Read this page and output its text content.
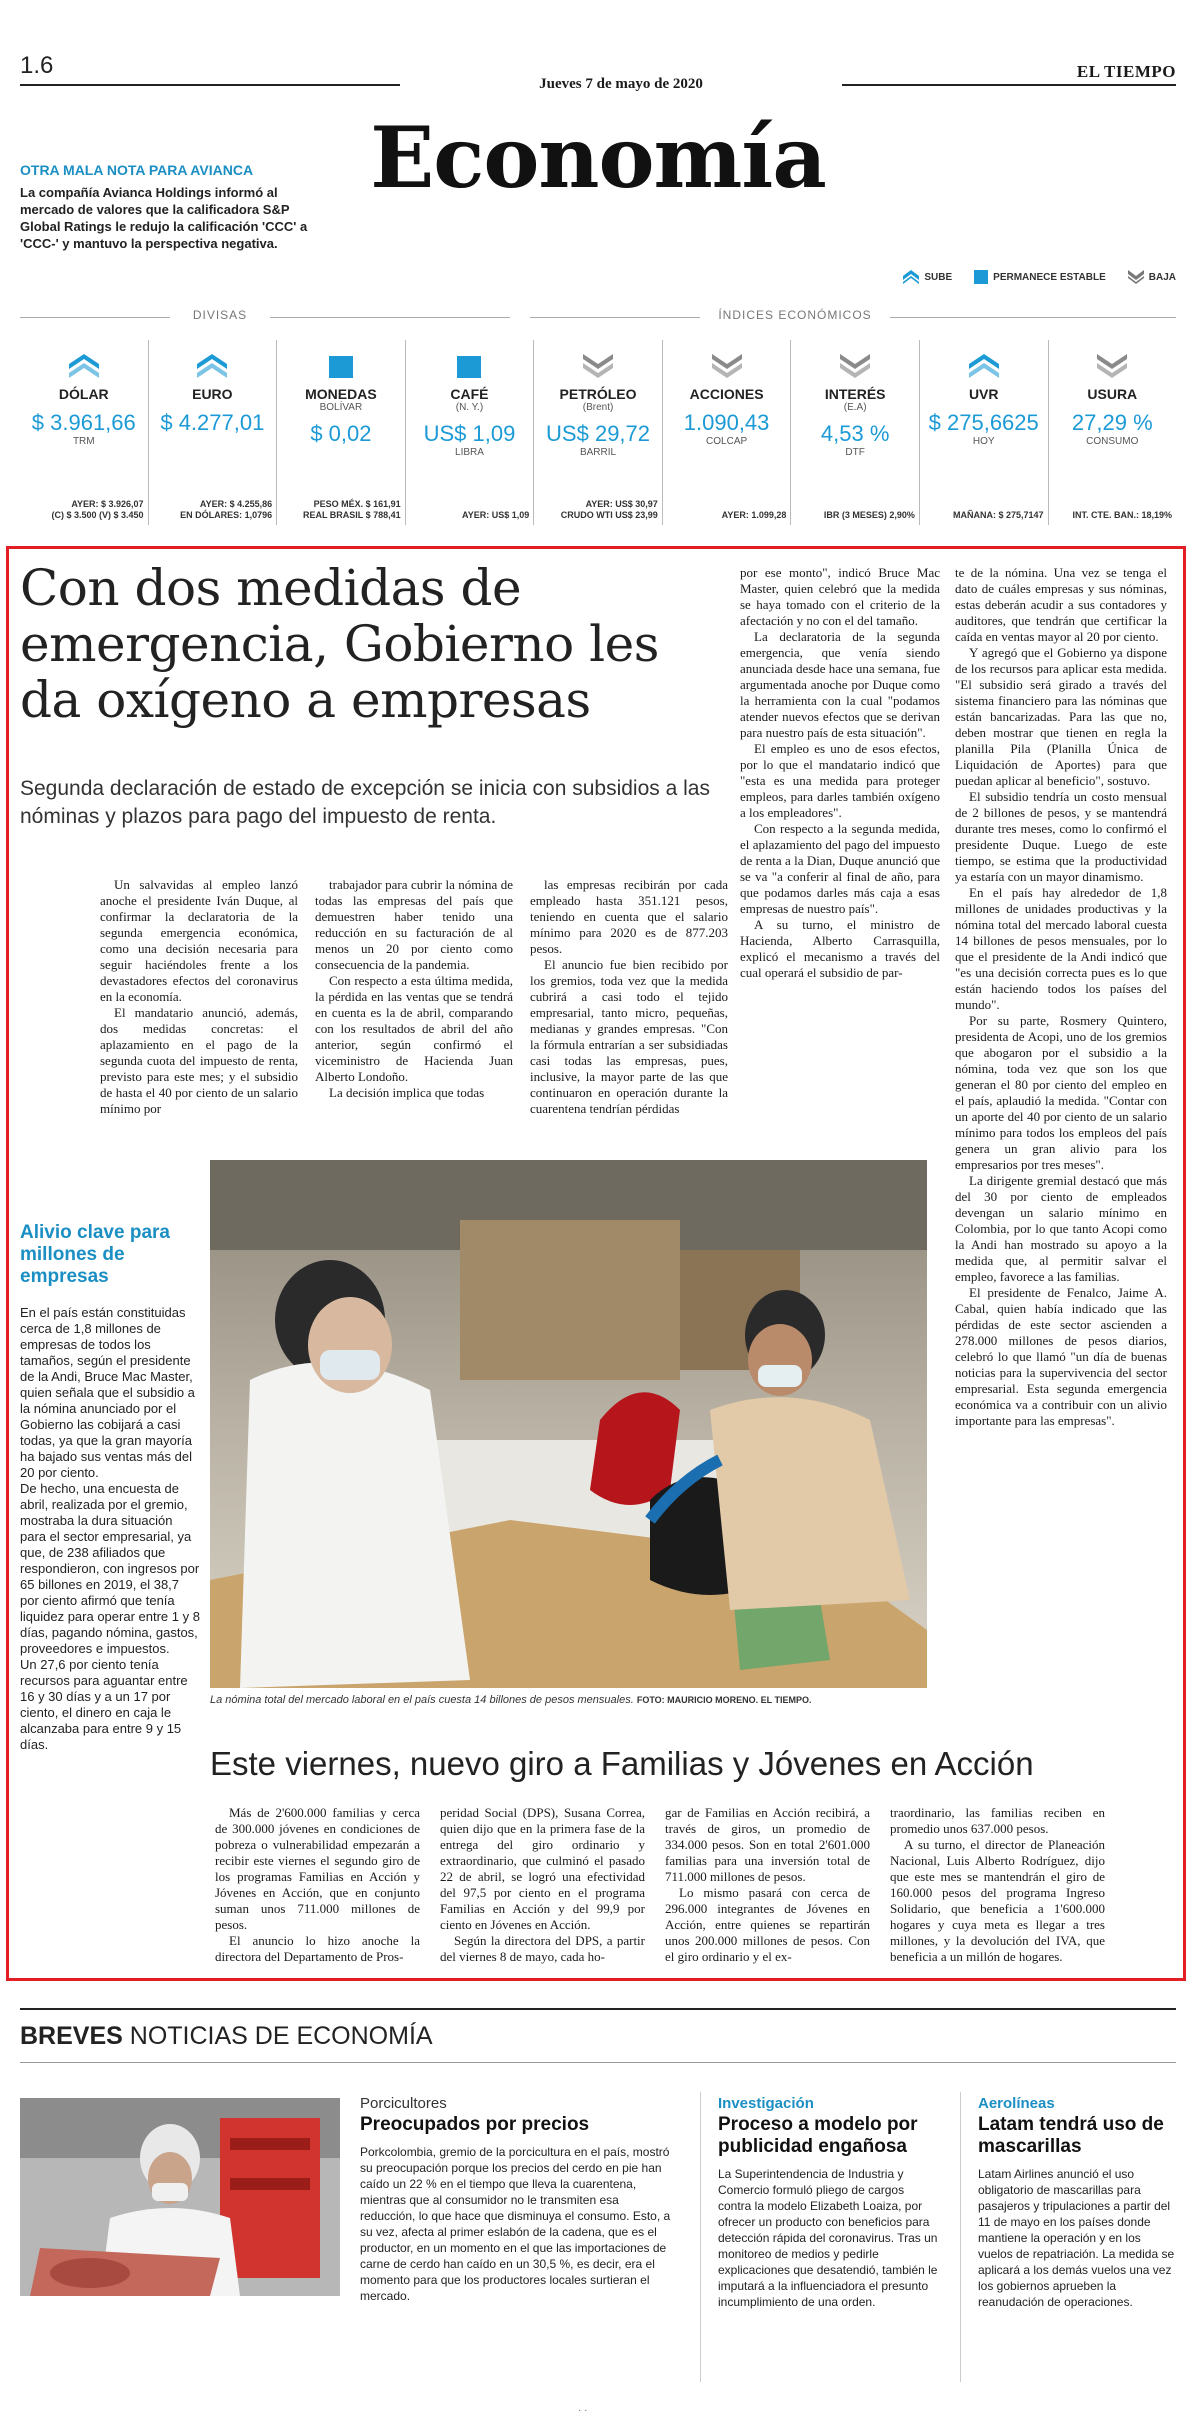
1.6
Jueves 7 de mayo de 2020
EL TIEMPO
Economía
OTRA MALA NOTA PARA AVIANCA
La compañía Avianca Holdings informó al mercado de valores que la calificadora S&P Global Ratings le redujo la calificación 'CCC' a 'CCC-' y mantuvo la perspectiva negativa.
SUBE	PERMANECE ESTABLE	BAJA
DIVISAS	ÍNDICES ECONÓMICOS
DÓLAR
$ 3.961,66
TRM
AYER: $ 3.926,07
(C) $ 3.500 (V) $ 3.450
EURO
$ 4.277,01
AYER: $ 4.255,86
EN DÓLARES: 1,0796
MONEDAS
BOLÍVAR
$ 0,02
PESO MÉX. $ 161,91
REAL BRASIL $ 788,41
CAFÉ
(N. Y.)
US$ 1,09
LIBRA
AYER: US$ 1,09
PETRÓLEO
(Brent)
US$ 29,72
BARRIL
AYER: US$ 30,97
CRUDO WTI US$ 23,99
ACCIONES
1.090,43
COLCAP
AYER: 1.099,28
INTERÉS
(E.A)
4,53 %
DTF
IBR (3 MESES) 2,90%
UVR
$ 275,6625
HOY
MAÑANA: $ 275,7147
USURA
27,29 %
CONSUMO
INT. CTE. BAN.: 18,19%
Con dos medidas de emergencia, Gobierno les da oxígeno a empresas
Segunda declaración de estado de excepción se inicia con subsidios a las nóminas y plazos para pago del impuesto de renta.

Un salvavidas al empleo lanzó anoche el presidente Iván Duque, al confirmar la declaratoria de la segunda emergencia económica, como una decisión necesaria para seguir haciéndoles frente a los devastadores efectos del coronavirus en la economía.

El mandatario anunció, además, dos medidas concretas: el aplazamiento en el pago de la segunda cuota del impuesto de renta, previsto para este mes; y el subsidio de hasta el 40 por ciento de un salario mínimo por

trabajador para cubrir la nómina de todas las empresas del país que demuestren haber tenido una reducción en su facturación de al menos un 20 por ciento como consecuencia de la pandemia.

Con respecto a esta última medida, la pérdida en las ventas que se tendrá en cuenta es la de abril, comparando con los resultados de abril del año anterior, según confirmó el viceministro de Hacienda Juan Alberto Londoño.

La decisión implica que todas

las empresas recibirán por cada empleado hasta 351.121 pesos, teniendo en cuenta que el salario mínimo para 2020 es de 877.203 pesos.

El anuncio fue bien recibido por los gremios, toda vez que la medida cubrirá a casi todo el tejido empresarial, tanto micro, pequeñas, medianas y grandes empresas. "Con la fórmula entrarían a ser subsidiadas casi todas las empresas, pues, inclusive, la mayor parte de las que continuaron en operación durante la cuarentena tendrían pérdidas

por ese monto", indicó Bruce Mac Master, quien celebró que la medida se haya tomado con el criterio de la afectación y no con el del tamaño.

La declaratoria de la segunda emergencia, que venía siendo anunciada desde hace una semana, fue argumentada anoche por Duque como la herramienta con la cual "podamos atender nuevos efectos que se derivan para nuestro país de esta situación".

El empleo es uno de esos efectos, por lo que el mandatario indicó que "esta es una medida para proteger empleos, para darles también oxígeno a los empleadores".

Con respecto a la segunda medida, el aplazamiento del pago del impuesto de renta a la Dian, Duque anunció que se va "a conferir al final de año, para que podamos darles más caja a esas empresas de nuestro país".

A su turno, el ministro de Hacienda, Alberto Carrasquilla, explicó el mecanismo a través del cual operará el subsidio de par-

te de la nómina. Una vez se tenga el dato de cuáles empresas y sus nóminas, estas deberán acudir a sus contadores y auditores, que tendrán que certificar la caída en ventas mayor al 20 por ciento.

Y agregó que el Gobierno ya dispone de los recursos para aplicar esta medida. "El subsidio será girado a través del sistema financiero para las nóminas que están bancarizadas. Para las que no, deben mostrar que tienen en regla la planilla Pila (Planilla Única de Liquidación de Aportes) para que puedan aplicar al beneficio", sostuvo.

El subsidio tendría un costo mensual de 2 billones de pesos, y se mantendrá durante tres meses, como lo confirmó el presidente Duque. Luego de este tiempo, se estima que la productividad ya estaría con un mayor dinamismo.

En el país hay alrededor de 1,8 millones de unidades productivas y la nómina total del mercado laboral cuesta 14 billones de pesos mensuales, por lo que el presidente de la Andi indicó que "es una decisión correcta pues es lo que están haciendo todos los países del mundo".

Por su parte, Rosmery Quintero, presidenta de Acopi, uno de los gremios que abogaron por el subsidio a la nómina, toda vez que son los que generan el 80 por ciento del empleo en el país, aplaudió la medida. "Contar con un aporte del 40 por ciento de un salario mínimo para todos los empleos del país genera un gran alivio para los empresarios por tres meses".

La dirigente gremial destacó que más del 30 por ciento de empleados devengan un salario mínimo en Colombia, por lo que tanto Acopi como la Andi han mostrado su apoyo a la medida que, al permitir salvar el empleo, favorece a las familias.

El presidente de Fenalco, Jaime A. Cabal, quien había indicado que las pérdidas de este sector ascienden a 278.000 millones de pesos diarios, celebró lo que llamó "un día de buenas noticias para la supervivencia del sector empresarial. Esta segunda emergencia económica va a contribuir con un alivio importante para las empresas".

La nómina total del mercado laboral en el país cuesta 14 billones de pesos mensuales. FOTO: MAURICIO MORENO. EL TIEMPO.
Alivio clave para millones de empresas

En el país están constituidas cerca de 1,8 millones de empresas de todos los tamaños, según el presidente de la Andi, Bruce Mac Master, quien señala que el subsidio a la nómina anunciado por el Gobierno las cobijará a casi todas, ya que la gran mayoría ha bajado sus ventas más del 20 por ciento.

De hecho, una encuesta de abril, realizada por el gremio, mostraba la dura situación para el sector empresarial, ya que, de 238 afiliados que respondieron, con ingresos por 65 billones en 2019, el 38,7 por ciento afirmó que tenía liquidez para operar entre 1 y 8 días, pagando nómina, gastos, proveedores e impuestos.

Un 27,6 por ciento tenía recursos para aguantar entre 16 y 30 días y a un 17 por ciento, el dinero en caja le alcanzaba para entre 9 y 15 días.

Este viernes, nuevo giro a Familias y Jóvenes en Acción

Más de 2'600.000 familias y cerca de 300.000 jóvenes en condiciones de pobreza o vulnerabilidad empezarán a recibir este viernes el segundo giro de los programas Familias en Acción y Jóvenes en Acción, que en conjunto suman unos 711.000 millones de pesos.

El anuncio lo hizo anoche la directora del Departamento de Pros-

peridad Social (DPS), Susana Correa, quien dijo que en la primera fase de la entrega del giro ordinario y extraordinario, que culminó el pasado 22 de abril, se logró una efectividad del 97,5 por ciento en el programa Familias en Acción y del 99,9 por ciento en Jóvenes en Acción.

Según la directora del DPS, a partir del viernes 8 de mayo, cada ho-

gar de Familias en Acción recibirá, a través de giros, un promedio de 334.000 pesos. Son en total 2'601.000 familias para una inversión total de 711.000 millones de pesos.

Lo mismo pasará con cerca de 296.000 integrantes de Jóvenes en Acción, entre quienes se repartirán unos 200.000 millones de pesos. Con el giro ordinario y el ex-

traordinario, las familias reciben en promedio unos 637.000 pesos.

A su turno, el director de Planeación Nacional, Luis Alberto Rodríguez, dijo que este mes se mantendrán el giro de 160.000 pesos del programa Ingreso Solidario, que beneficia a 1'600.000 hogares y cuya meta es llegar a tres millones, y la devolución del IVA, que beneficia a un millón de hogares.

BREVES NOTICIAS DE ECONOMÍA
Porcicultores
Preocupados por precios
Porkcolombia, gremio de la porcicultura en el país, mostró su preocupación porque los precios del cerdo en pie han caído un 22 % en el tiempo que lleva la cuarentena, mientras que al consumidor no le transmiten esa reducción, lo que hace que disminuya el consumo. Esto, a su vez, afecta al primer eslabón de la cadena, que es el productor, en un momento en el que las importaciones de carne de cerdo han caído en un 30,5 %, es decir, era el momento para que los productores locales surtieran el mercado.
Investigación
Proceso a modelo por publicidad engañosa
La Superintendencia de Industria y Comercio formuló pliego de cargos contra la modelo Elizabeth Loaiza, por ofrecer un producto con beneficios para detección rápida del coronavirus. Tras un monitoreo de medios y pedirle explicaciones que desatendió, también le imputará a la influenciadora el presunto incumplimiento de una orden.
Aerolíneas
Latam tendrá uso de mascarillas
Latam Airlines anunció el uso obligatorio de mascarillas para pasajeros y tripulaciones a partir del 11 de mayo en los países donde mantiene la operación y en los vuelos de repatriación. La medida se aplicará a los demás vuelos una vez los gobiernos aprueben la reanudación de operaciones.
· ·
